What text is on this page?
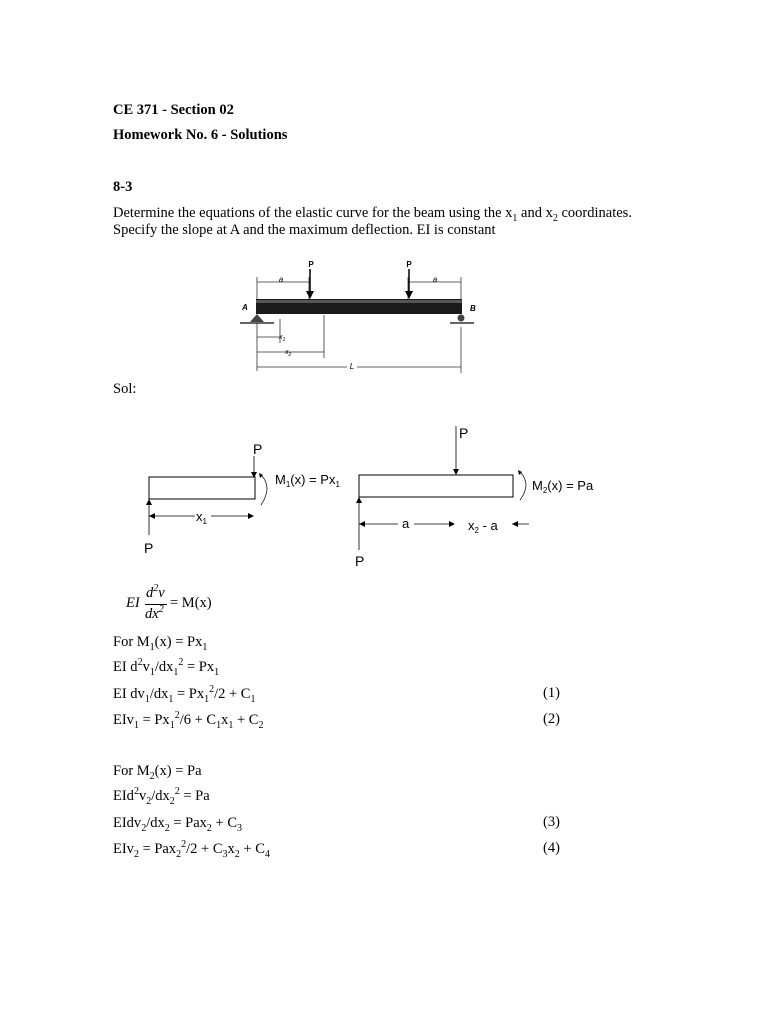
CE 371 - Section 02
Homework No. 6 - Solutions
8-3
Determine the equations of the elastic curve for the beam using the $x_1$ and $x_2$ coordinates.
Specify the slope at A and the maximum deflection. EI is constant
a	a
P	P
A	B
$x_1$
$x_2$
L
Sol:
P
$M_1(x) = Px_1$
$x_1$
P
P
$M_2(x) = Pa$
a	$x_2$ - a
P
EI
$d^2v$
$dx^2 = M(x)$
For $M_1(x) = Px_1$
EI $d^2v_1/dx_1^2 = Px_1$
EI $dv_1/dx_1 = Px_1^2/2 + C_1$	(1)
$EIv_1 = Px_1^2/6 + C_1x_1 + C_2$	(2)
For $M_2(x) = Pa$
$EId^2v_2/dx_2^2 = Pa$
$EIdv_2/dx_2 = Pax_2 + C_3$	(3)
$EIv_2 = Pax_2^2/2 + C_3x_2 + C_4$	(4)
